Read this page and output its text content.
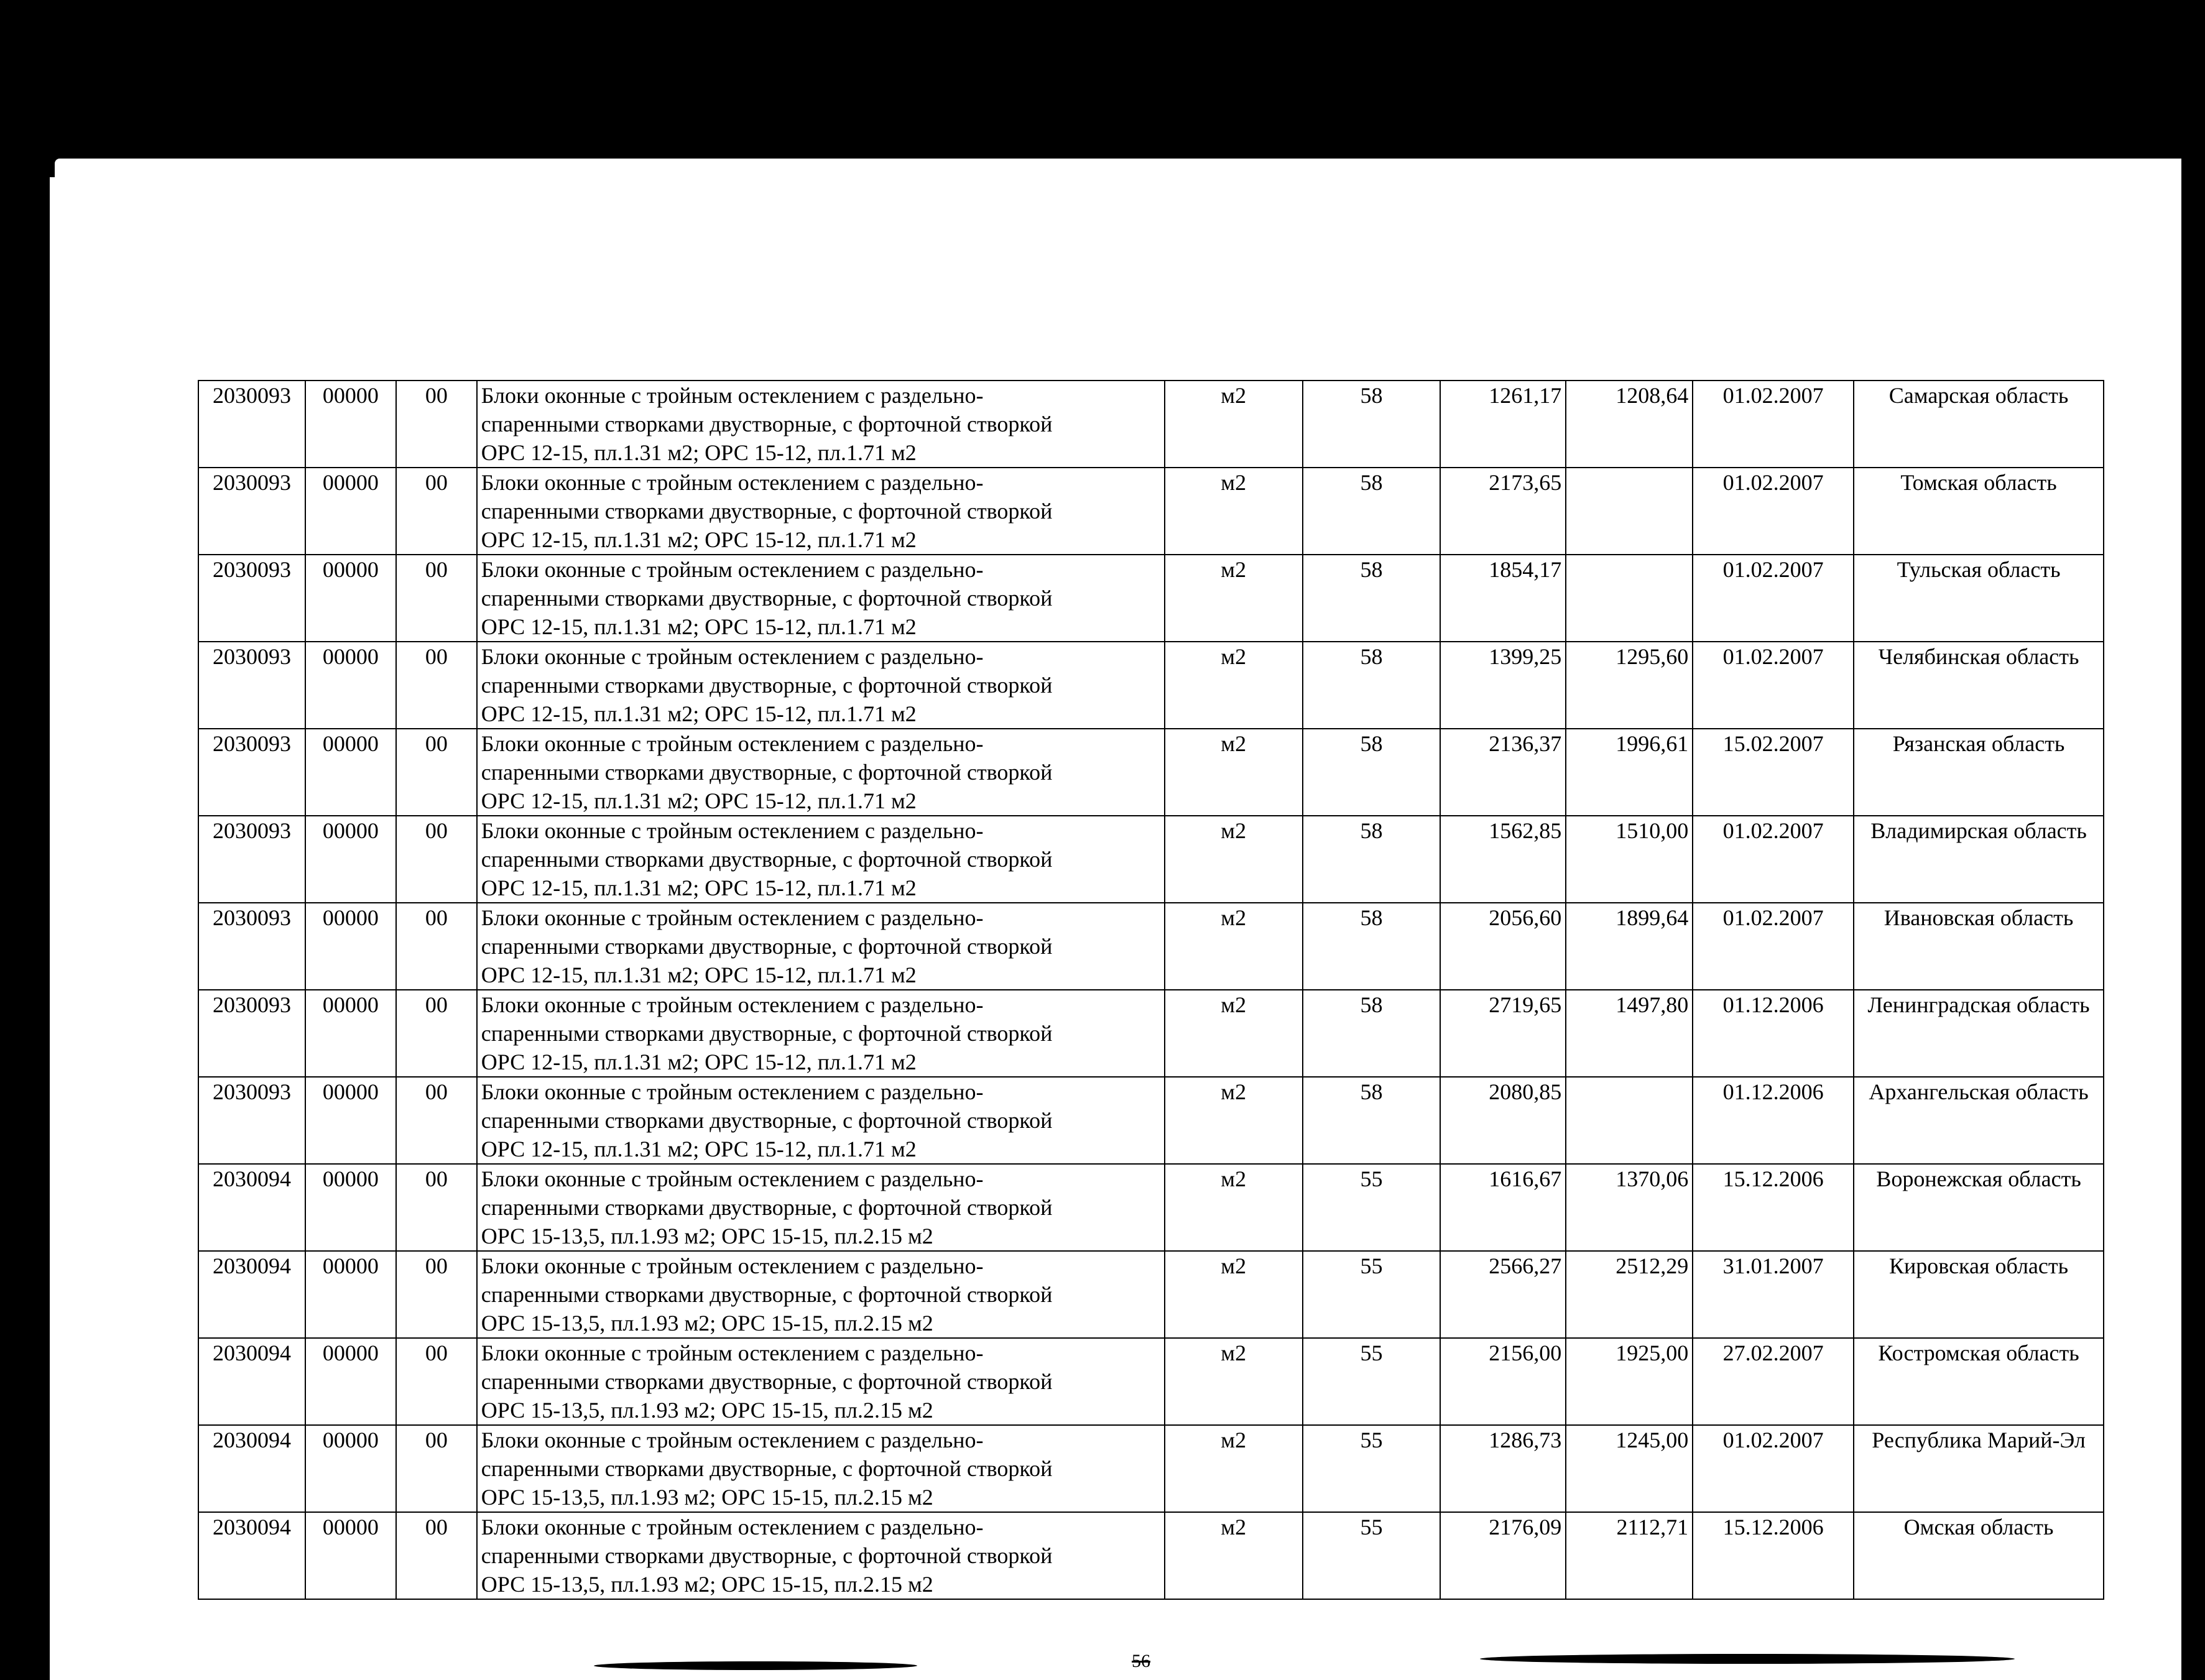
2030093	00000	00	Блоки оконные с тройным остеклением с раздельно-
спаренными створками двустворные, с форточной створкой
ОРС 12-15, пл.1.31 м2; ОРС 15-12, пл.1.71 м2	м2	58	1261,17	1208,64	01.02.2007	Самарская область
2030093	00000	00	Блоки оконные с тройным остеклением с раздельно-
спаренными створками двустворные, с форточной створкой
ОРС 12-15, пл.1.31 м2; ОРС 15-12, пл.1.71 м2	м2	58	2173,65		01.02.2007	Томская область
2030093	00000	00	Блоки оконные с тройным остеклением с раздельно-
спаренными створками двустворные, с форточной створкой
ОРС 12-15, пл.1.31 м2; ОРС 15-12, пл.1.71 м2	м2	58	1854,17		01.02.2007	Тульская область
2030093	00000	00	Блоки оконные с тройным остеклением с раздельно-
спаренными створками двустворные, с форточной створкой
ОРС 12-15, пл.1.31 м2; ОРС 15-12, пл.1.71 м2	м2	58	1399,25	1295,60	01.02.2007	Челябинская область
2030093	00000	00	Блоки оконные с тройным остеклением с раздельно-
спаренными створками двустворные, с форточной створкой
ОРС 12-15, пл.1.31 м2; ОРС 15-12, пл.1.71 м2	м2	58	2136,37	1996,61	15.02.2007	Рязанская область
2030093	00000	00	Блоки оконные с тройным остеклением с раздельно-
спаренными створками двустворные, с форточной створкой
ОРС 12-15, пл.1.31 м2; ОРС 15-12, пл.1.71 м2	м2	58	1562,85	1510,00	01.02.2007	Владимирская область
2030093	00000	00	Блоки оконные с тройным остеклением с раздельно-
спаренными створками двустворные, с форточной створкой
ОРС 12-15, пл.1.31 м2; ОРС 15-12, пл.1.71 м2	м2	58	2056,60	1899,64	01.02.2007	Ивановская область
2030093	00000	00	Блоки оконные с тройным остеклением с раздельно-
спаренными створками двустворные, с форточной створкой
ОРС 12-15, пл.1.31 м2; ОРС 15-12, пл.1.71 м2	м2	58	2719,65	1497,80	01.12.2006	Ленинградская область
2030093	00000	00	Блоки оконные с тройным остеклением с раздельно-
спаренными створками двустворные, с форточной створкой
ОРС 12-15, пл.1.31 м2; ОРС 15-12, пл.1.71 м2	м2	58	2080,85		01.12.2006	Архангельская область
2030094	00000	00	Блоки оконные с тройным остеклением с раздельно-
спаренными створками двустворные, с форточной створкой
ОРС 15-13,5, пл.1.93 м2; ОРС 15-15, пл.2.15 м2	м2	55	1616,67	1370,06	15.12.2006	Воронежская область
2030094	00000	00	Блоки оконные с тройным остеклением с раздельно-
спаренными створками двустворные, с форточной створкой
ОРС 15-13,5, пл.1.93 м2; ОРС 15-15, пл.2.15 м2	м2	55	2566,27	2512,29	31.01.2007	Кировская область
2030094	00000	00	Блоки оконные с тройным остеклением с раздельно-
спаренными створками двустворные, с форточной створкой
ОРС 15-13,5, пл.1.93 м2; ОРС 15-15, пл.2.15 м2	м2	55	2156,00	1925,00	27.02.2007	Костромская область
2030094	00000	00	Блоки оконные с тройным остеклением с раздельно-
спаренными створками двустворные, с форточной створкой
ОРС 15-13,5, пл.1.93 м2; ОРС 15-15, пл.2.15 м2	м2	55	1286,73	1245,00	01.02.2007	Республика Марий-Эл
2030094	00000	00	Блоки оконные с тройным остеклением с раздельно-
спаренными створками двустворные, с форточной створкой
ОРС 15-13,5, пл.1.93 м2; ОРС 15-15, пл.2.15 м2	м2	55	2176,09	2112,71	15.12.2006	Омская область
56
